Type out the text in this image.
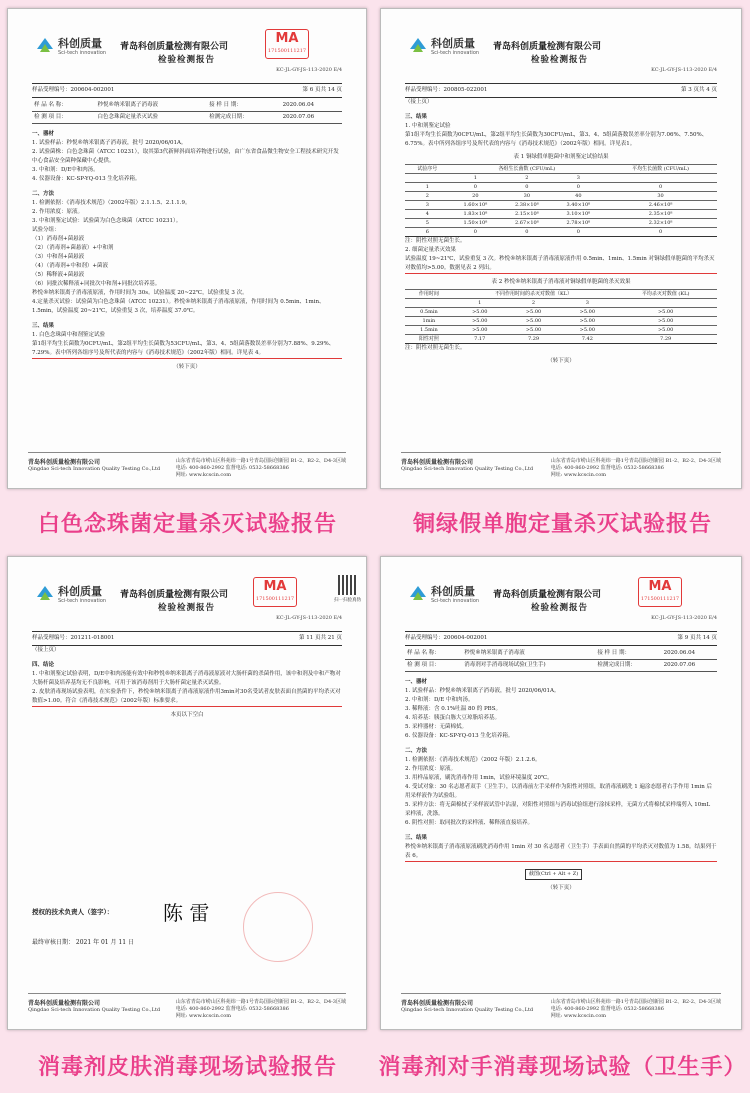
科创质量
Sci-tech innovation
青岛科创质量检测有限公司
检验检测报告
MA
171500111217
KC-JL-GY-JS-113-2020 E/4
样品受理编号：200604-002001	第 6 页共 14 页
样 品 名 称：	秒悦®纳米银离子消毒液	接 样 日 期：	2020.06.04
检 测 项 目：	白色念珠菌定量杀灭试验	检测完成日期：	2020.07.06
一、器材
1. 试验样品：秒悦®纳米银离子消毒液，批号 2020/06/01A。
2. 试验菌株：白色念珠菌（ATCC 10231），取其第3代新鲜斜面培养物进行试验，由广东省食品微生物安全工程技术研究开发中心食品安全菌种保藏中心提供。
3. 中和剂：D/E中和肉汤。
4. 仪器设备：KC-SP-YQ-013 生化培养箱。
二、方法
1. 检测依据：《消毒技术规范》（2002年版）2.1.1.5、2.1.1.9。
2. 作用浓度：原液。
3. 中和剂鉴定试验：试验菌为白色念珠菌（ATCC 10231）。
试验分组：
（1）消毒剂+菌悬液
（2）（消毒剂+菌悬液）+中和剂
（3）中和剂+菌悬液
（4）（消毒剂+中和剂）+菌液
（5）稀释液+菌悬液
（6）同批次稀释液+同批次中和剂+同批次培养基。
秒悦®纳米银离子消毒液原液，作用时间为 30s。试验温度 20~22℃，试验重复 3 次。
4.定量杀灭试验：试验菌为白色念珠菌（ATCC 10231）。秒悦®纳米银离子消毒液原液，作用时间为 0.5min、1min、1.5min，试验温度 20~21℃，试验重复 3 次，培养温度 37.0℃。
三、结果
1. 白色念珠菌中和剂鉴定试验
第1组平均生长菌数为0CFU/mL，第2组平均生长菌数为53CFU/mL，第3、4、5组菌落数误差率分别为7.88%、9.29%、7.29%。表中所列各组序号及所代表的内容与《消毒技术规范》（2002年版）相同。详见表 4。
（转下页）
青岛科创质量检测有限公司
Qingdao Sci-tech Innovation Quality Testing Co.,Ltd
山东省青岛市崂山区科苑纬一路1号青岛国际创新园 B1-2、B2-2、D4-3区域
电话: 400-860-2992 监督电话: 0532-58668386
网址: www.kcscin.com
科创质量
Sci-tech innovation
青岛科创质量检测有限公司
检验检测报告
KC-JL-GY-JS-113-2020 E/4
样品受理编号：200805-022001	第 3 页共 4 页
（接上页）
三、结果
1. 中和剂鉴定试验
第1组平均生长菌数为0CFU/mL，第2组平均生长菌数为30CFU/mL，第3、4、5组菌落数误差率分别为7.06%、7.50%、6.75%。表中所列各组序号及所代表的内容与《消毒技术规范》（2002年版）相同。详见表1。
表 1 铜绿假单胞菌中和剂鉴定试验结果
试验序号	各组生长菌数 (CFU/mL)			平均生长菌数 (CFU/mL)
	1	2	3	
1	0	0	0	0
2	20	30	40	30
3	1.60×10⁸	2.38×10⁸	3.40×10⁸	2.46×10⁸
4	1.83×10⁸	2.15×10⁸	3.10×10⁸	2.35×10⁸
5	1.50×10⁸	2.67×10⁸	2.78×10⁸	2.32×10⁸
6	0	0	0	0
注：阴性对照无菌生长。
2. 细菌定量杀灭效果
试验温度 19~21℃，试验重复 3 次。秒悦®纳米银离子消毒液原液作用 0.5min、1min、1.5min 对铜绿假单胞菌的平均杀灭对数值均>5.00。数据见表 2 列出。
表 2 秒悦®纳米银离子消毒液对铜绿假单胞菌的杀灭效果
作用时间	不同作用时间的杀灭对数值（KL）			平均杀灭对数值 (KL)
	1	2	3	
0.5min	>5.00	>5.00	>5.00	>5.00
1min	>5.00	>5.00	>5.00	>5.00
1.5min	>5.00	>5.00	>5.00	>5.00
阳性对照	7.17	7.29	7.42	7.29
注：阴性对照无菌生长。
（转下页）
青岛科创质量检测有限公司
Qingdao Sci-tech Innovation Quality Testing Co.,Ltd
山东省青岛市崂山区科苑纬一路1号青岛国际创新园 B1-2、B2-2、D4-3区域
电话: 400-860-2992 监督电话: 0532-58668386
网址: www.kcscin.com
科创质量
Sci-tech innovation
青岛科创质量检测有限公司
检验检测报告
MA
171500111217	扫一扫验真伪
KC-JL-GY-JS-113-2020 E/4
样品受理编号：201211-018001	第 11 页共 21 页
（接上页）
四、结论
1. 中和剂鉴定试验表明，D/E中和肉汤能有效中和秒悦®纳米银离子消毒液原液对大肠杆菌的杀菌作用，该中和剂及中和产物对大肠杆菌及培养基均无不良影响，可用于该消毒剂用于大肠杆菌定量杀灭试验。
2. 皮肤消毒现场试验表明，在实验条件下，秒悦®纳米银离子消毒液原液作用3min对30名受试者皮肤表面自然菌的平均杀灭对数值>1.00。符合《消毒技术规范》（2002年版）标准要求。
本页以下空白
授权的技术负责人（签字）： 陈 雷
最终审核日期： 2021 年 01 月 11 日
青岛科创质量检测有限公司
Qingdao Sci-tech Innovation Quality Testing Co.,Ltd
山东省青岛市崂山区科苑纬一路1号青岛国际创新园 B1-2、B2-2、D4-3区域
电话: 400-860-2992 监督电话: 0532-58668386
网址: www.kcscin.com
科创质量
Sci-tech innovation
青岛科创质量检测有限公司
检验检测报告
MA
171500111217
KC-JL-GY-JS-113-2020 E/4
样品受理编号：200604-002001	第 9 页共 14 页
样 品 名 称：	秒悦®纳米银离子消毒液	接 样 日 期：	2020.06.04
检 测 项 目：	消毒剂对手消毒现场试验(卫生手)	检测完成日期：	2020.07.06
一、器材
1. 试验样品：秒悦®纳米银离子消毒液，批号 2020/06/01A。
2. 中和剂：D/E 中和肉汤。
3. 稀释液：含 0.1%吐温 80 的 PBS。
4. 培养基：胰蛋白胨大豆琼脂培养基。
5. 采样器材：无菌棉拭。
6. 仪器设备：KC-SP-YQ-013 生化培养箱。
二、方法
1. 检测依据：《消毒技术规范》（2002 年版）2.1.2.6。
2. 作用浓度：原液。
3. 用样品原液，刷洗消毒作用 1min，试验环境温度 20℃。
4. 受试对象：30 名志愿者双手（卫生手），以消毒前左手采样作为阳性对照组，取消毒液刷洗 1 遍涂态愿者右手作用 1min 后用采样液作为试验组。
5. 采样方法：将无菌棉拭子采样液试管中沾湿，对阳性对照组与消毒试验组进行涂抹采样，无菌方式将棉拭采样端剪入 10mL 采样液，洗涤。
6. 阴性对照：取同批次的采样液、稀释液直接培养。
三、结果
秒悦®纳米银离子消毒液原液刷洗消毒作用 1min 对 30 名志愿者（卫生手）手表面自然菌的平均杀灭对数值为 1.58。结果列于表 6。
截图(Ctrl + Alt + Z)
（转下页）
青岛科创质量检测有限公司
Qingdao Sci-tech Innovation Quality Testing Co.,Ltd
山东省青岛市崂山区科苑纬一路1号青岛国际创新园 B1-2、B2-2、D4-3区域
电话: 400-860-2992 监督电话: 0532-58668386
网址: www.kcscin.com
白色念珠菌定量杀灭试验报告	铜绿假单胞定量杀灭试验报告
消毒剂皮肤消毒现场试验报告	消毒剂对手消毒现场试验（卫生手）
